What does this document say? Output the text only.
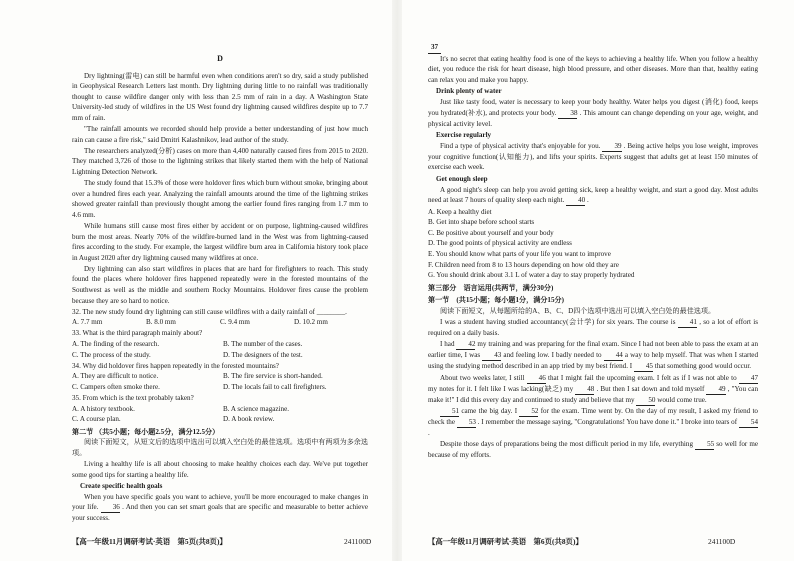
D

Dry lightning(雷电) can still be harmful even when conditions aren't so dry, said a study published in Geophysical Research Letters last month. Dry lightning during little to no rainfall was traditionally thought to cause wildfire danger only with less than 2.5 mm of rain in a day. A Washington State University-led study of wildfires in the US West found dry lightning caused wildfires despite up to 7.7 mm of rain.

"The rainfall amounts we recorded should help provide a better understanding of just how much rain can cause a fire risk," said Dmitri Kalashnikov, lead author of the study.

The researchers analyzed(分析) cases on more than 4,400 naturally caused fires from 2015 to 2020. They matched 3,726 of those to the lightning strikes that likely started them with the help of National Lightning Detection Network.

The study found that 15.3% of those were holdover fires which burn without smoke, bringing about over a hundred fires each year. Analyzing the rainfall amounts around the time of the lightning strikes showed greater rainfall than previously thought among the earlier found fires ranging from 1.7 mm to 4.6 mm.

While humans still cause most fires either by accident or on purpose, lightning-caused wildfires burn the most areas. Nearly 70% of the wildfire-burned land in the West was from lightning-caused fires according to the study. For example, the largest wildfire burn area in California history took place in August 2020 after dry lightning caused many wildfires at once.

Dry lightning can also start wildfires in places that are hard for firefighters to reach. This study found the places where holdover fires happened repeatedly were in the forested mountains of the Southwest as well as the middle and southern Rocky Mountains. Holdover fires cause the problem because they are so hard to notice.

32. The new study found dry lightning can still cause wildfires with a daily rainfall of ________.

A. 7.7 mm	B. 8.0 mm	C. 9.4 mm	D. 10.2 mm

33. What is the third paragraph mainly about?

A. The finding of the research.	B. The number of the cases.
C. The process of the study.	D. The designers of the test.

34. Why did holdover fires happen repeatedly in the forested mountains?

A. They are difficult to notice.	B. The fire service is short-handed.
C. Campers often smoke there.	D. The locals fail to call firefighters.

35. From which is the text probably taken?

A. A history textbook.	B. A science magazine.
C. A course plan.	D. A book review.

第二节 （共5小题；每小题2.5分，满分12.5分）

阅读下面短文，从短文后的选项中选出可以填入空白处的最佳选项。选项中有两项为多余选项。

Living a healthy life is all about choosing to make healthy choices each day. We've put together some good tips for starting a healthy life.

Create specific health goals

When you have specific goals you want to achieve, you'll be more encouraged to make changes in your life. 36 . And then you can set smart goals that are specific and measurable to better achieve your success.

【高一年级11月调研考试·英语　第5页(共8页)】	241100D

37

It's no secret that eating healthy food is one of the keys to achieving a healthy life. When you follow a healthy diet, you reduce the risk for heart disease, high blood pressure, and other diseases. More than that, healthy eating can relax you and make you happy.

Drink plenty of water

Just like tasty food, water is necessary to keep your body healthy. Water helps you digest (消化) food, keeps you hydrated(补水), and protects your body. 38 . This amount can change depending on your age, weight, and physical activity level.

Exercise regularly

Find a type of physical activity that's enjoyable for you. 39 . Being active helps you lose weight, improves your cognitive function(认知能力), and lifts your spirits. Experts suggest that adults get at least 150 minutes of exercise each week.

Get enough sleep

A good night's sleep can help you avoid getting sick, keep a healthy weight, and start a good day. Most adults need at least 7 hours of quality sleep each night. 40 .

A. Keep a healthy diet

B. Get into shape before school starts

C. Be positive about yourself and your body

D. The good points of physical activity are endless

E. You should know what parts of your life you want to improve

F. Children need from 8 to 13 hours depending on how old they are

G. You should drink about 3.1 L of water a day to stay properly hydrated

第三部分　语言运用(共两节，满分30分)

第一节　(共15小题；每小题1分，满分15分)

阅读下面短文，从每题所给的A、B、C、D四个选项中选出可以填入空白处的最佳选项。

I was a student having studied accountancy(会计学) for six years. The course is 41 , so a lot of effort is required on a daily basis.

I had 42 my training and was preparing for the final exam. Since I had not been able to pass the exam at an earlier time, I was 43 and feeling low. I badly needed to 44 a way to help myself. That was when I started using the studying method described in an app tried by my best friend. I 45 that something good would occur.

About two weeks later, I still 46 that I might fail the upcoming exam. I felt as if I was not able to 47 my notes for it. I felt like I was lacking(缺乏) my 48 . But then I sat down and told myself 49 , "You can make it!" I did this every day and continued to study and believe that my 50 would come true.

51 came the big day. I 52 for the exam. Time went by. On the day of my result, I asked my friend to check the 53 . I remember the message saying, "Congratulations! You have done it." I broke into tears of 54 .

Despite those days of preparations being the most difficult period in my life, everything 55 so well for me because of my efforts.

【高一年级11月调研考试·英语　第6页(共8页)】	241100D
